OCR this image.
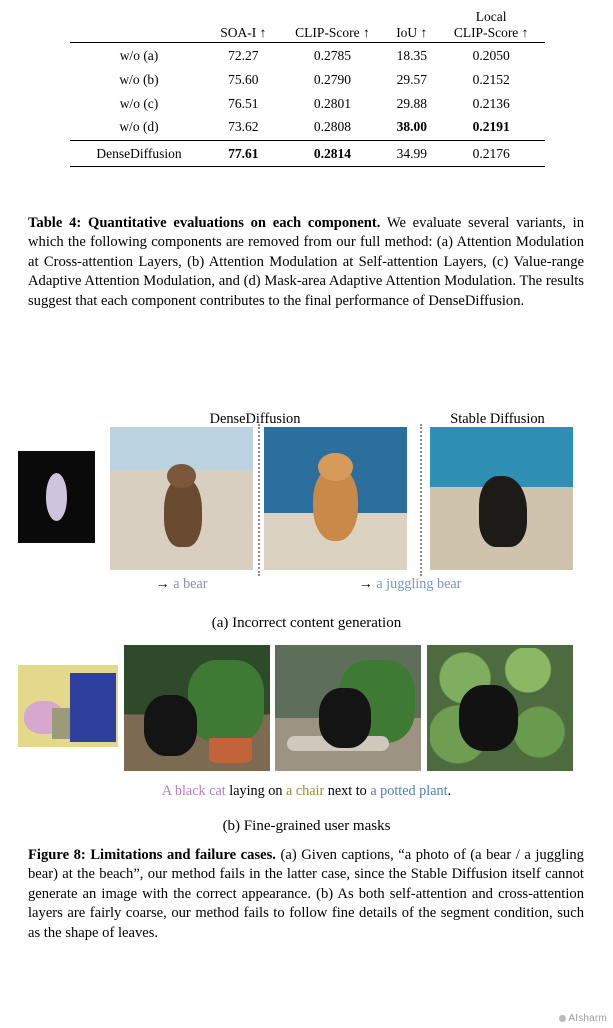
	SOA-I ↑	CLIP-Score ↑	IoU ↑	Local
CLIP-Score ↑
w/o (a)	72.27	0.2785	18.35	0.2050
w/o (b)	75.60	0.2790	29.57	0.2152
w/o (c)	76.51	0.2801	29.88	0.2136
w/o (d)	73.62	0.2808	38.00	0.2191
DenseDiffusion	77.61	0.2814	34.99	0.2176
Table 4: Quantitative evaluations on each component. We evaluate several variants, in which the following components are removed from our full method: (a) Attention Modulation at Cross-attention Layers, (b) Attention Modulation at Self-attention Layers, (c) Value-range Adaptive Attention Modulation, and (d) Mask-area Adaptive Attention Modulation. The results suggest that each component contributes to the final performance of DenseDiffusion.
DenseDiffusion	Stable Diffusion
→ a bear	→ a juggling bear
(a) Incorrect content generation
A black cat laying on a chair next to a potted plant.
(b) Fine-grained user masks
Figure 8: Limitations and failure cases. (a) Given captions, “a photo of (a bear / a juggling bear) at the beach”, our method fails in the latter case, since the Stable Diffusion itself cannot generate an image with the correct appearance. (b) As both self-attention and cross-attention layers are fairly coarse, our method fails to follow fine details of the segment condition, such as the shape of leaves.
AIsharm
